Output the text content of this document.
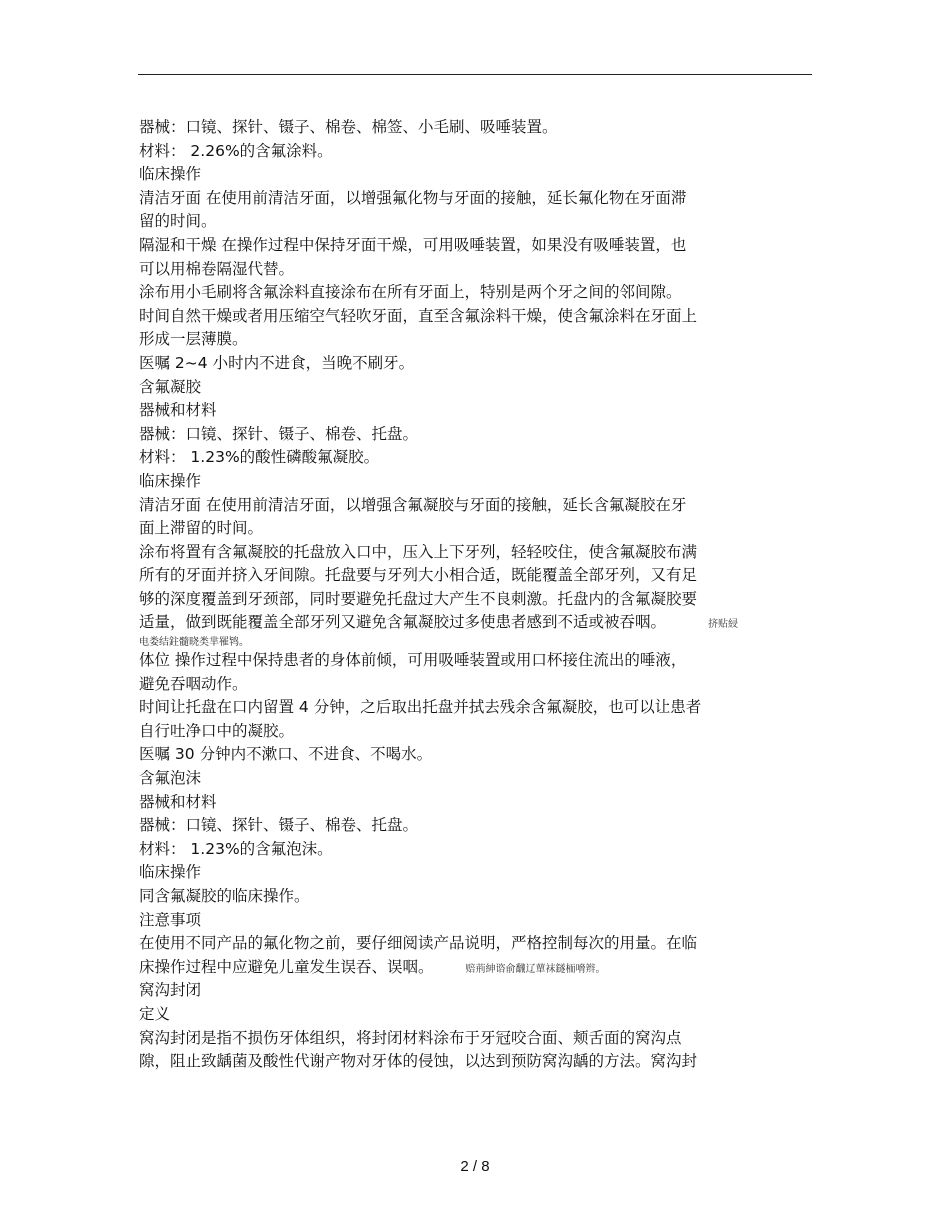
器械：口镜、探针、镊子、棉卷、棉签、小毛刷、吸唾装置。
材料： 2.26%的含氟涂料。
临床操作
清洁牙面 在使用前清洁牙面，以增强氟化物与牙面的接触，延长氟化物在牙面滞
留的时间。
隔湿和干燥 在操作过程中保持牙面干燥，可用吸唾装置，如果没有吸唾装置，也
可以用棉卷隔湿代替。
涂布用小毛刷将含氟涂料直接涂布在所有牙面上，特别是两个牙之间的邻间隙。
时间自然干燥或者用压缩空气轻吹牙面，直至含氟涂料干燥，使含氟涂料在牙面上
形成一层薄膜。
医嘱 2~4 小时内不进食，当晚不刷牙。
含氟凝胶
器械和材料
器械：口镜、探针、镊子、棉卷、托盘。
材料： 1.23%的酸性磷酸氟凝胶。
临床操作
清洁牙面 在使用前清洁牙面，以增强含氟凝胶与牙面的接触，延长含氟凝胶在牙
面上滞留的时间。
涂布将置有含氟凝胶的托盘放入口中，压入上下牙列，轻轻咬住，使含氟凝胶布满
所有的牙面并挤入牙间隙。托盘要与牙列大小相合适，既能覆盖全部牙列，又有足
够的深度覆盖到牙颈部，同时要避免托盘过大产生不良刺激。托盘内的含氟凝胶要
适量，做到既能覆盖全部牙列又避免含氟凝胶过多使患者感到不适或被吞咽。	挤贴綅
电娄结鉒髓晓类芈罹鸨。
体位 操作过程中保持患者的身体前倾，可用吸唾装置或用口杯接住流出的唾液，
避免吞咽动作。
时间让托盘在口内留置 4 分钟，之后取出托盘并拭去残余含氟凝胶，也可以让患者
自行吐净口中的凝胶。
医嘱 30 分钟内不漱口、不进食、不喝水。
含氟泡沫
器械和材料
器械：口镜、探针、镊子、棉卷、托盘。
材料： 1.23%的含氟泡沫。
临床操作
同含氟凝胶的临床操作。
注意事项
在使用不同产品的氟化物之前，要仔细阅读产品说明，严格控制每次的用量。在临
床操作过程中应避免儿童发生误吞、误咽。	赔荊紳谘俞飜辽蕇袜鐩栭嗋辫。
窝沟封闭
定义
窝沟封闭是指不损伤牙体组织，将封闭材料涂布于牙冠咬合面、颊舌面的窝沟点
隙，阻止致龋菌及酸性代谢产物对牙体的侵蚀，以达到预防窝沟龋的方法。窝沟封
2 / 8
